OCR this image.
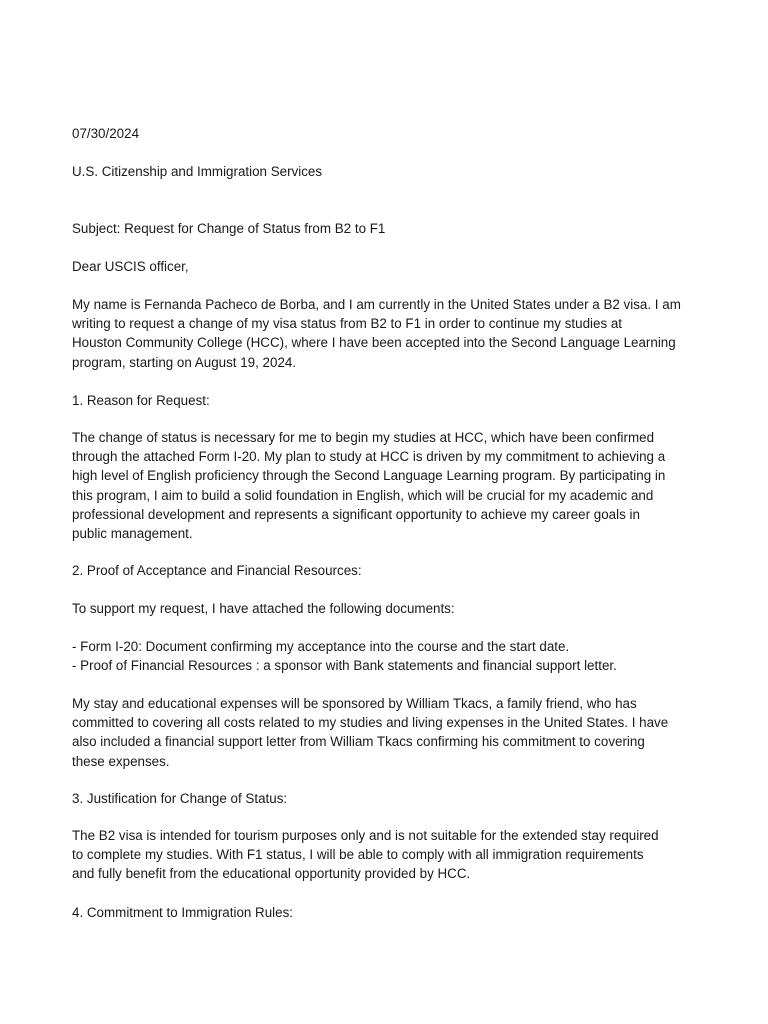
07/30/2024

U.S. Citizenship and Immigration Services

Subject: Request for Change of Status from B2 to F1

Dear USCIS officer,

My name is Fernanda Pacheco de Borba, and I am currently in the United States under a B2 visa. I am
writing to request a change of my visa status from B2 to F1 in order to continue my studies at
Houston Community College (HCC), where I have been accepted into the Second Language Learning
program, starting on August 19, 2024.

1. Reason for Request:

The change of status is necessary for me to begin my studies at HCC, which have been confirmed
through the attached Form I-20. My plan to study at HCC is driven by my commitment to achieving a
high level of English proficiency through the Second Language Learning program. By participating in
this program, I aim to build a solid foundation in English, which will be crucial for my academic and
professional development and represents a significant opportunity to achieve my career goals in
public management.

2. Proof of Acceptance and Financial Resources:

To support my request, I have attached the following documents:

- Form I-20: Document confirming my acceptance into the course and the start date.
- Proof of Financial Resources : a sponsor with Bank statements and financial support letter.
My stay and educational expenses will be sponsored by William Tkacs, a family friend, who has
committed to covering all costs related to my studies and living expenses in the United States. I have
also included a financial support letter from William Tkacs confirming his commitment to covering
these expenses.

3. Justification for Change of Status:

The B2 visa is intended for tourism purposes only and is not suitable for the extended stay required
to complete my studies. With F1 status, I will be able to comply with all immigration requirements
and fully benefit from the educational opportunity provided by HCC.

4. Commitment to Immigration Rules:
